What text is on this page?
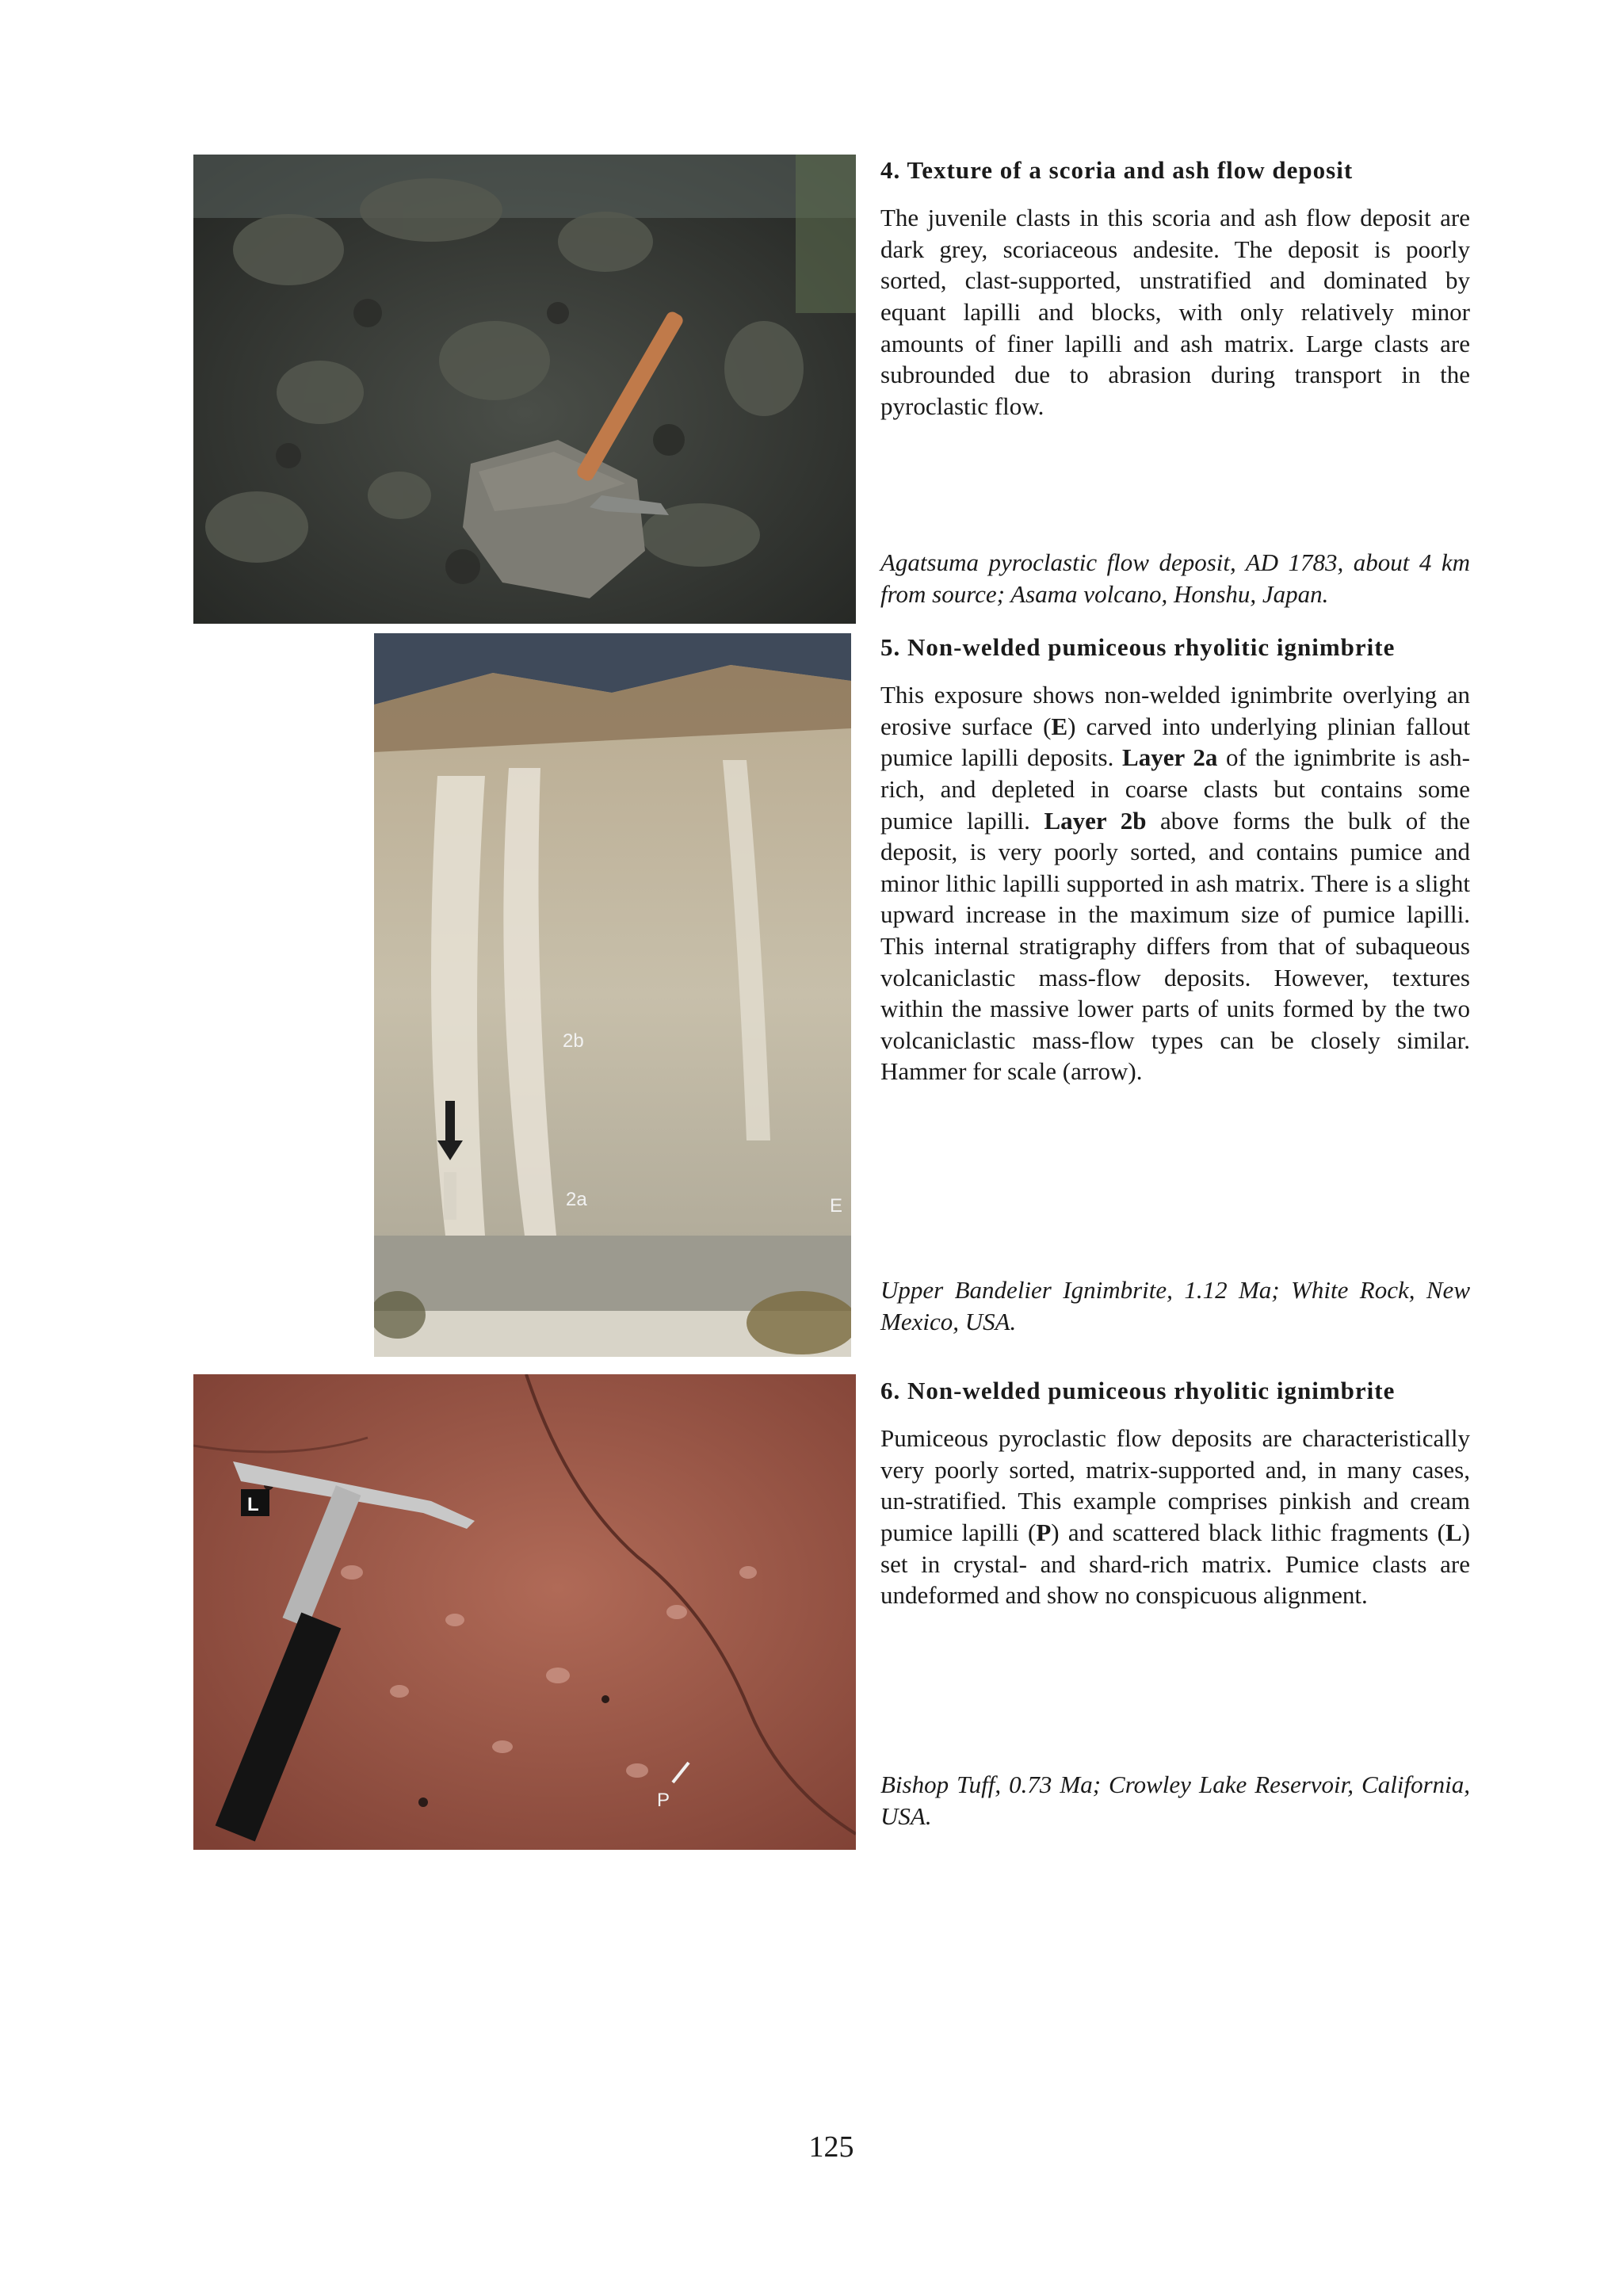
4. Texture of a scoria and ash flow deposit

The juvenile clasts in this scoria and ash flow deposit are dark grey, scoriaceous andesite. The deposit is poorly sorted, clast-supported, unstratified and dominated by equant lapilli and blocks, with only relatively minor amounts of finer lapilli and ash matrix. Large clasts are subrounded due to abrasion during transport in the pyroclastic flow.

Agatsuma pyroclastic flow deposit, AD 1783, about 4 km from source; Asama volcano, Honshu, Japan.

2b
2a	E
5. Non-welded pumiceous rhyolitic ignimbrite

This exposure shows non-welded ignimbrite overlying an erosive surface (E) carved into underlying plinian fallout pumice lapilli deposits. Layer 2a of the ignimbrite is ash-rich, and depleted in coarse clasts but contains some pumice lapilli. Layer 2b above forms the bulk of the deposit, is very poorly sorted, and contains pumice and minor lithic lapilli supported in ash matrix. There is a slight upward increase in the maximum size of pumice lapilli. This internal stratigraphy differs from that of subaqueous volcaniclastic mass-flow deposits. However, textures within the massive lower parts of units formed by the two volcaniclastic mass-flow types can be closely similar. Hammer for scale (arrow).

Upper Bandelier Ignimbrite, 1.12 Ma; White Rock, New Mexico, USA.

L
P
6. Non-welded pumiceous rhyolitic ignimbrite

Pumiceous pyroclastic flow deposits are characteristically very poorly sorted, matrix-supported and, in many cases, un-stratified. This example comprises pinkish and cream pumice lapilli (P) and scattered black lithic fragments (L) set in crystal- and shard-rich matrix. Pumice clasts are undeformed and show no conspicuous alignment.

Bishop Tuff, 0.73 Ma; Crowley Lake Reservoir, California, USA.

125
